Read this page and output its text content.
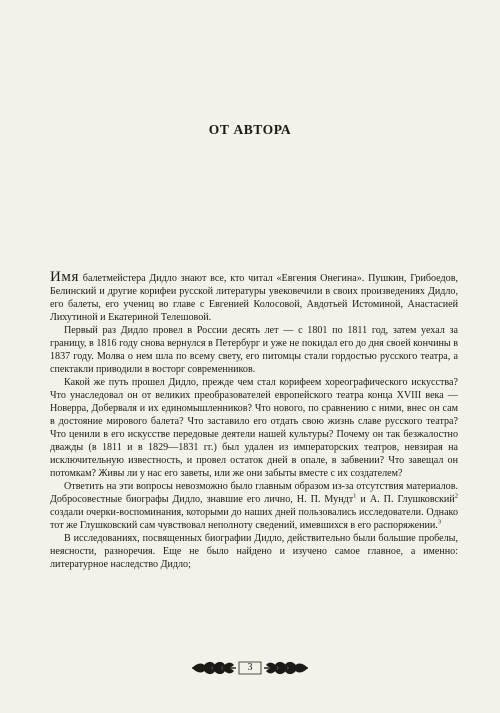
ОТ АВТОРА

Имя балетмейстера Дидло знают все, кто читал «Евгения Онегина». Пушкин, Грибоедов, Белинский и другие корифеи русской литературы увековечили в своих произведениях Дидло, его балеты, его учениц во главе с Евгенией Колосовой, Авдотьей Истоминой, Анастасией Лихутиной и Екатериной Телешовой.

Первый раз Дидло провел в России десять лет — с 1801 по 1811 год, затем уехал за границу, в 1816 году снова вернулся в Петербург и уже не покидал его до дня своей кончины в 1837 году. Молва о нем шла по всему свету, его питомцы стали гордостью русского театра, а спектакли приводили в восторг современников.

Какой же путь прошел Дидло, прежде чем стал корифеем хореографического искусства? Что унаследовал он от великих преобразователей европейского театра конца XVIII века — Новерра, Доберваля и их единомышленников? Что нового, по сравнению с ними, внес он сам в достояние мирового балета? Что заставило его отдать свою жизнь славе русского театра? Что ценили в его искусстве передовые деятели нашей культуры? Почему он так безжалостно дважды (в 1811 и в 1829—1831 гг.) был удален из императорских театров, невзирая на исключительную известность, и провел остаток дней в опале, в забвении? Что завещал он потомкам? Живы ли у нас его заветы, или же они забыты вместе с их создателем?

Ответить на эти вопросы невозможно было главным образом из-за отсутствия материалов. Добросовестные биографы Дидло, знавшие его лично, Н. П. Мундт$^1$ и А. П. Глушковский$^2$ создали очерки-воспоминания, которыми до наших дней пользовались исследователи. Однако тот же Глушковский сам чувствовал неполноту сведений, имевшихся в его распоряжении.$^3$

В исследованиях, посвященных биографии Дидло, действительно были большие пробелы, неясности, разноречия. Еще не было найдено и изучено самое главное, а именно: литературное наследство Дидло;

3
